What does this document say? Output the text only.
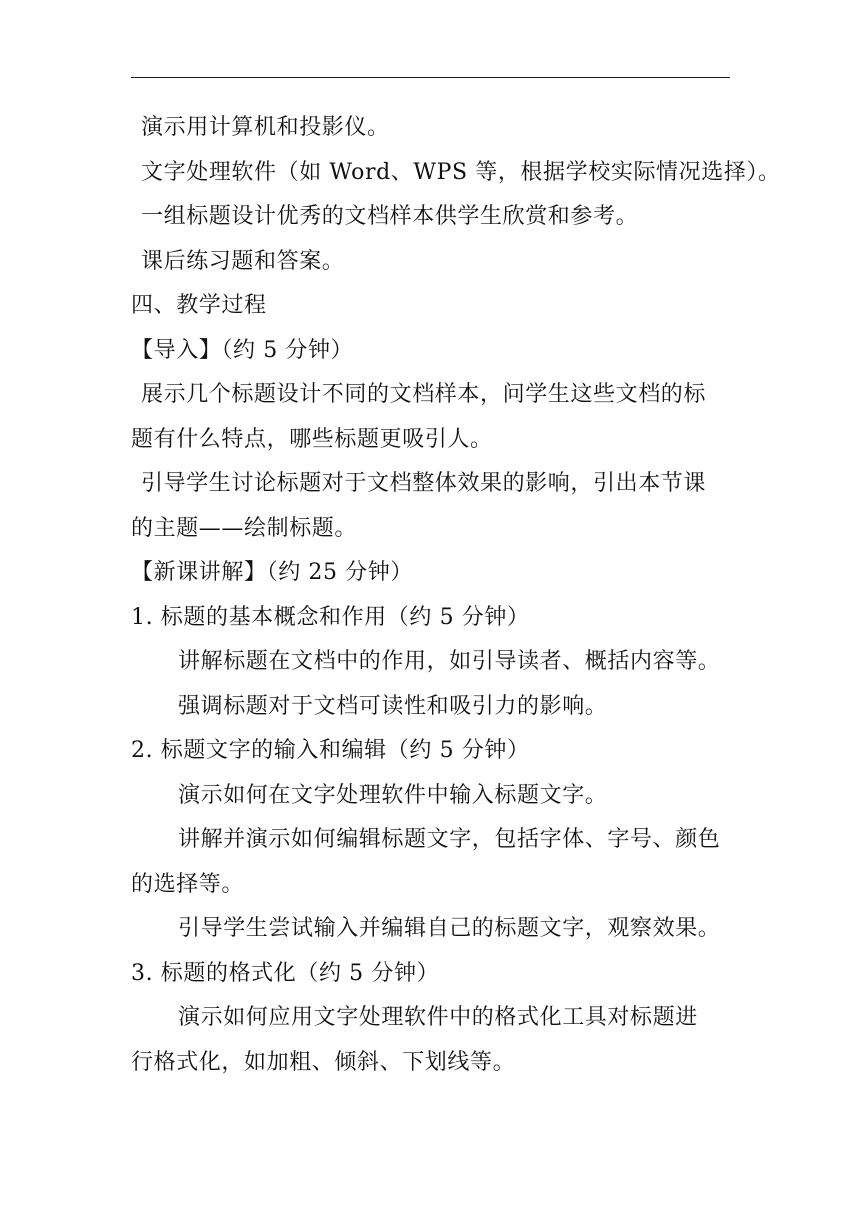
演示用计算机和投影仪。
文字处理软件（如 Word、WPS 等，根据学校实际情况选择）。
一组标题设计优秀的文档样本供学生欣赏和参考。
课后练习题和答案。
四、教学过程
【导入】（约 5 分钟）
展示几个标题设计不同的文档样本，问学生这些文档的标
题有什么特点，哪些标题更吸引人。
引导学生讨论标题对于文档整体效果的影响，引出本节课
的主题——绘制标题。
【新课讲解】（约 25 分钟）
1. 标题的基本概念和作用（约 5 分钟）
讲解标题在文档中的作用，如引导读者、概括内容等。
强调标题对于文档可读性和吸引力的影响。
2. 标题文字的输入和编辑（约 5 分钟）
演示如何在文字处理软件中输入标题文字。
讲解并演示如何编辑标题文字，包括字体、字号、颜色
的选择等。
引导学生尝试输入并编辑自己的标题文字，观察效果。
3. 标题的格式化（约 5 分钟）
演示如何应用文字处理软件中的格式化工具对标题进
行格式化，如加粗、倾斜、下划线等。
